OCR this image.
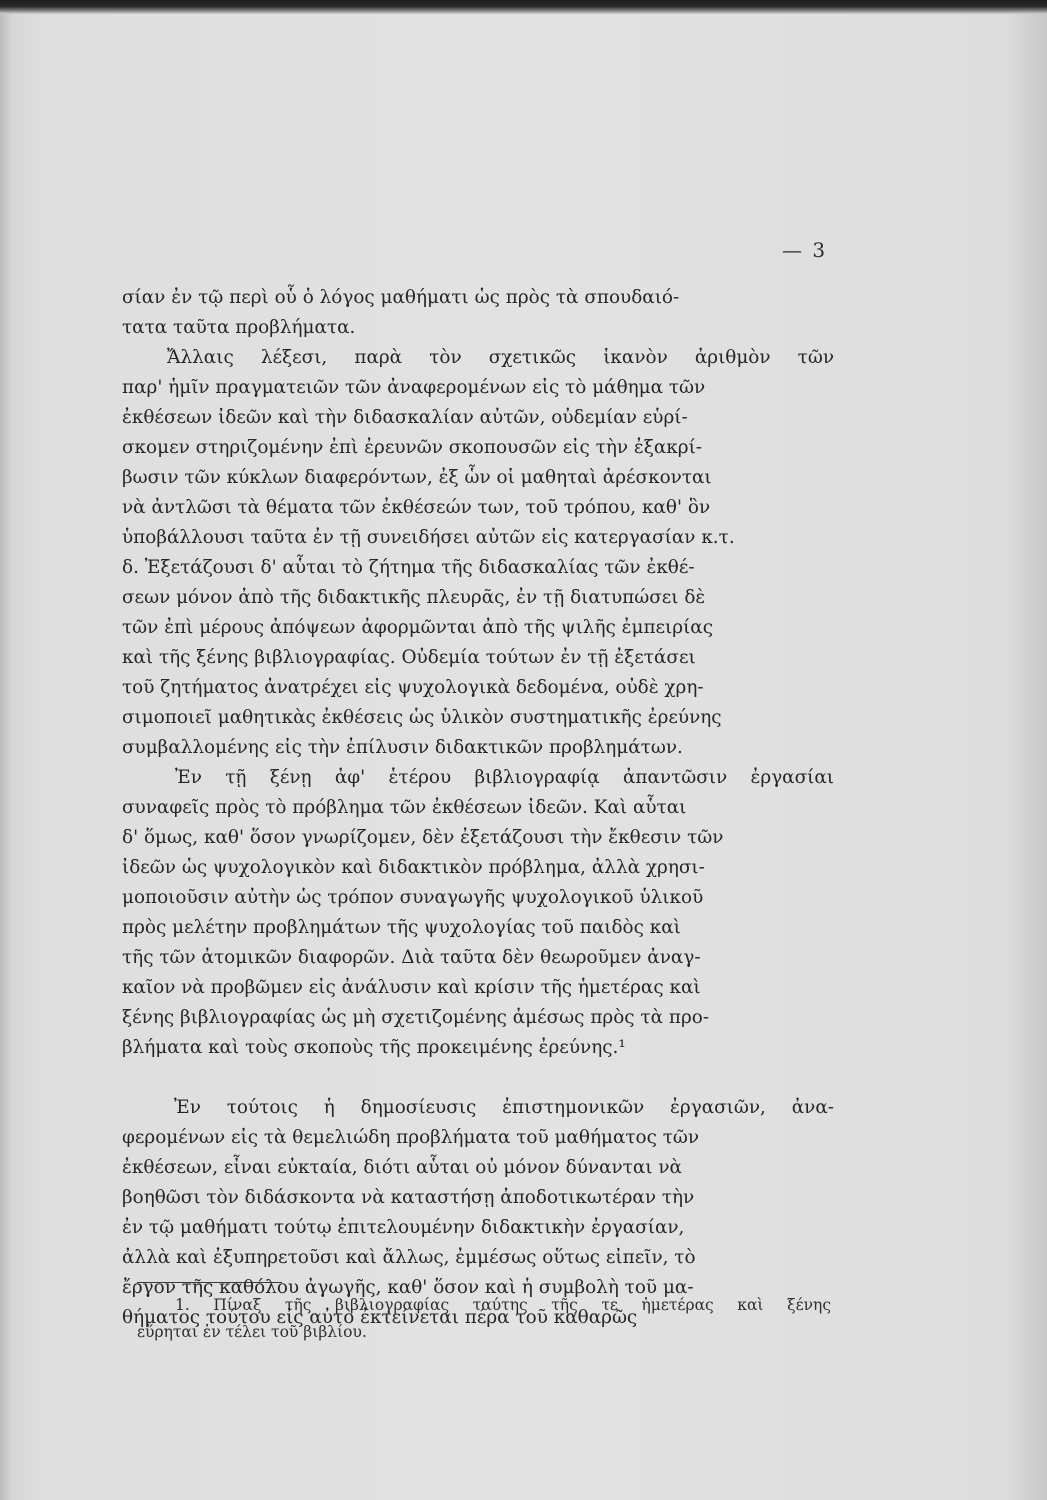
— 3
σίαν ἐν τῷ περὶ οὗ ὁ λόγος μαθήματι ὡς πρὸς τὰ σπουδαιό-
τατα ταῦτα προβλήματα.
Ἄλλαις λέξεσι, παρὰ τὸν σχετικῶς ἱκανὸν ἀριθμὸν τῶν
παρ' ἡμῖν πραγματειῶν τῶν ἀναφερομένων εἰς τὸ μάθημα τῶν
ἐκθέσεων ἰδεῶν καὶ τὴν διδασκαλίαν αὐτῶν, οὐδεμίαν εὑρί-
σκομεν στηριζομένην ἐπὶ ἐρευνῶν σκοπουσῶν εἰς τὴν ἐξακρί-
βωσιν τῶν κύκλων διαφερόντων, ἐξ ὧν οἱ μαθηταὶ ἀρέσκονται
νὰ ἀντλῶσι τὰ θέματα τῶν ἐκθέσεών των, τοῦ τρόπου, καθ' ὃν
ὑποβάλλουσι ταῦτα ἐν τῇ συνειδήσει αὐτῶν εἰς κατεργασίαν κ.τ.
δ. Ἐξετάζουσι δ' αὗται τὸ ζήτημα τῆς διδασκαλίας τῶν ἐκθέ-
σεων μόνον ἀπὸ τῆς διδακτικῆς πλευρᾶς, ἐν τῇ διατυπώσει δὲ
τῶν ἐπὶ μέρους ἀπόψεων ἀφορμῶνται ἀπὸ τῆς ψιλῆς ἐμπειρίας
καὶ τῆς ξένης βιβλιογραφίας. Οὐδεμία τούτων ἐν τῇ ἐξετάσει
τοῦ ζητήματος ἀνατρέχει εἰς ψυχολογικὰ δεδομένα, οὐδὲ χρη-
σιμοποιεῖ μαθητικὰς ἐκθέσεις ὡς ὑλικὸν συστηματικῆς ἐρεύνης
συμβαλλομένης εἰς τὴν ἐπίλυσιν διδακτικῶν προβλημάτων.
Ἐν τῇ ξένῃ ἀφ' ἑτέρου βιβλιογραφίᾳ ἀπαντῶσιν ἐργασίαι
συναφεῖς πρὸς τὸ πρόβλημα τῶν ἐκθέσεων ἰδεῶν. Καὶ αὗται
δ' ὅμως, καθ' ὅσον γνωρίζομεν, δὲν ἐξετάζουσι τὴν ἔκθεσιν τῶν
ἰδεῶν ὡς ψυχολογικὸν καὶ διδακτικὸν πρόβλημα, ἀλλὰ χρησι-
μοποιοῦσιν αὐτὴν ὡς τρόπον συναγωγῆς ψυχολογικοῦ ὑλικοῦ
πρὸς μελέτην προβλημάτων τῆς ψυχολογίας τοῦ παιδὸς καὶ
τῆς τῶν ἀτομικῶν διαφορῶν. Διὰ ταῦτα δὲν θεωροῦμεν ἀναγ-
καῖον νὰ προβῶμεν εἰς ἀνάλυσιν καὶ κρίσιν τῆς ἡμετέρας καὶ
ξένης βιβλιογραφίας ὡς μὴ σχετιζομένης ἀμέσως πρὸς τὰ προ-
βλήματα καὶ τοὺς σκοποὺς τῆς προκειμένης ἐρεύνης.¹
Ἐν τούτοις ἡ δημοσίευσις ἐπιστημονικῶν ἐργασιῶν, ἀνα-
φερομένων εἰς τὰ θεμελιώδη προβλήματα τοῦ μαθήματος τῶν
ἐκθέσεων, εἶναι εὐκταία, διότι αὗται οὐ μόνον δύνανται νὰ
βοηθῶσι τὸν διδάσκοντα νὰ καταστήσῃ ἀποδοτικωτέραν τὴν
ἐν τῷ μαθήματι τούτῳ ἐπιτελουμένην διδακτικὴν ἐργασίαν,
ἀλλὰ καὶ ἐξυπηρετοῦσι καὶ ἄλλως, ἐμμέσως οὕτως εἰπεῖν, τὸ
ἔργον τῆς καθόλου ἀγωγῆς, καθ' ὅσον καὶ ἡ συμβολὴ τοῦ μα-
θήματος τούτου εἰς αὐτὸ ἐκτείνεται πέρα τοῦ καθαρῶς
1. Πίναξ τῆς βιβλιογραφίας ταύτης τῆς τε ἡμετέρας καὶ ξένης
εὕρηται ἐν τέλει τοῦ βιβλίου.
